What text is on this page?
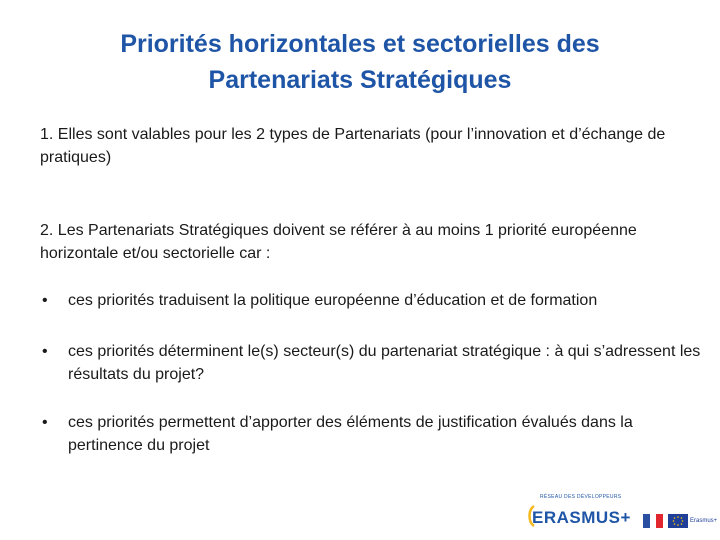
Priorités horizontales et sectorielles des
Partenariats Stratégiques
1. Elles sont valables pour les 2 types de Partenariats (pour l’innovation et d’échange de pratiques)
2. Les Partenariats Stratégiques doivent se référer à au moins 1 priorité européenne horizontale et/ou sectorielle car :
• ces priorités traduisent la politique européenne d’éducation et de formation
• ces priorités déterminent le(s) secteur(s) du partenariat stratégique : à qui s’adressent les résultats du projet?
• ces priorités permettent d’apporter des éléments de justification évalués dans la pertinence du projet
RÉSEAU DES DÉVELOPPEURS
ERASMUS+	Erasmus+
